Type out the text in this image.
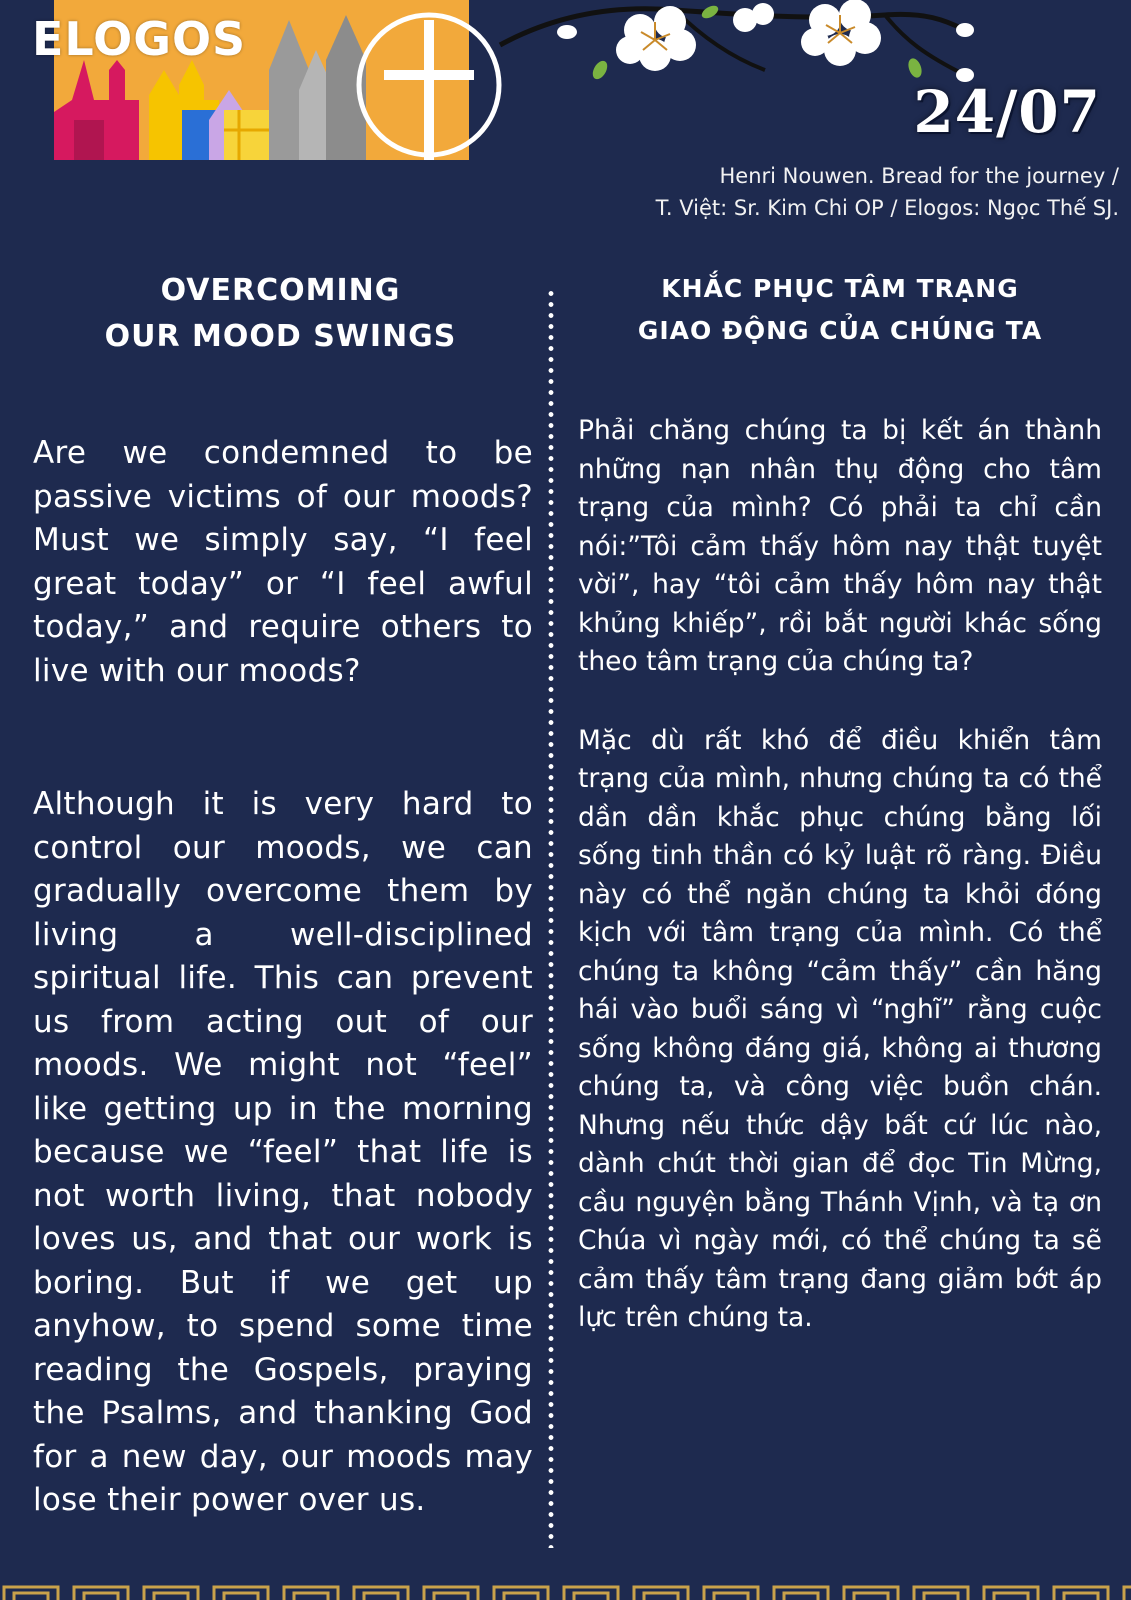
ELOGOS
24/07
Henri Nouwen. Bread for the journey /
T. Việt: Sr. Kim Chi OP / Elogos: Ngọc Thế SJ.
OVERCOMING
OUR MOOD SWINGS
Are we condemned to be passive victims of our moods? Must we simply say, “I feel great today” or “I feel awful today,” and require others to live with our moods?
Although it is very hard to control our moods, we can gradually overcome them by living a well-disciplined spiritual life. This can prevent us from acting out of our moods. We might not “feel” like getting up in the morning because we “feel” that life is not worth living, that nobody loves us, and that our work is boring. But if we get up anyhow, to spend some time reading the Gospels, praying the Psalms, and thanking God for a new day, our moods may lose their power over us.
KHẮC PHỤC TÂM TRẠNG
GIAO ĐỘNG CỦA CHÚNG TA
Phải chăng chúng ta bị kết án thành những nạn nhân thụ động cho tâm trạng của mình? Có phải ta chỉ cần nói:”Tôi cảm thấy hôm nay thật tuyệt vời”, hay “tôi cảm thấy hôm nay thật khủng khiếp”, rồi bắt người khác sống theo tâm trạng của chúng ta?
Mặc dù rất khó để điều khiển tâm trạng của mình, nhưng chúng ta có thể dần dần khắc phục chúng bằng lối sống tinh thần có kỷ luật rõ ràng. Điều này có thể ngăn chúng ta khỏi đóng kịch với tâm trạng của mình. Có thể chúng ta không “cảm thấy” cần hăng hái vào buổi sáng vì “nghĩ” rằng cuộc sống không đáng giá, không ai thương chúng ta, và công việc buồn chán. Nhưng nếu thức dậy bất cứ lúc nào, dành chút thời gian để đọc Tin Mừng, cầu nguyện bằng Thánh Vịnh, và tạ ơn Chúa vì ngày mới, có thể chúng ta sẽ cảm thấy tâm trạng đang giảm bớt áp lực trên chúng ta.
